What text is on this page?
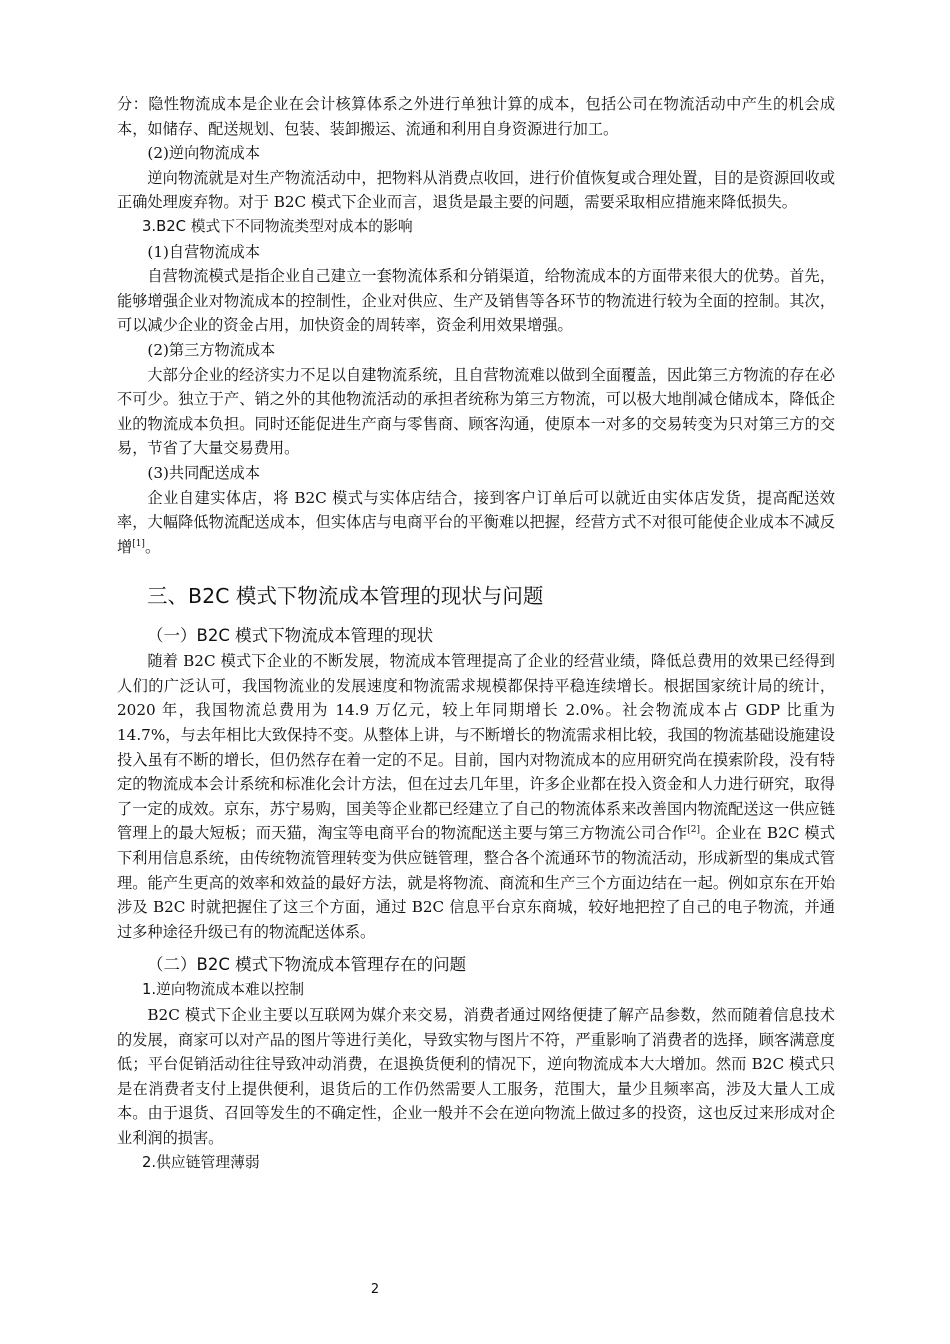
分：隐性物流成本是企业在会计核算体系之外进行单独计算的成本，包括公司在物流活动中产生的机会成本，如储存、配送规划、包装、装卸搬运、流通和利用自身资源进行加工。

(2)逆向物流成本

逆向物流就是对生产物流活动中，把物料从消费点收回，进行价值恢复或合理处置，目的是资源回收或正确处理废弃物。对于 B2C 模式下企业而言，退货是最主要的问题，需要采取相应措施来降低损失。

3.B2C 模式下不同物流类型对成本的影响

(1)自营物流成本

自营物流模式是指企业自己建立一套物流体系和分销渠道，给物流成本的方面带来很大的优势。首先，能够增强企业对物流成本的控制性，企业对供应、生产及销售等各环节的物流进行较为全面的控制。其次，可以减少企业的资金占用，加快资金的周转率，资金利用效果增强。

(2)第三方物流成本

大部分企业的经济实力不足以自建物流系统，且自营物流难以做到全面覆盖，因此第三方物流的存在必不可少。独立于产、销之外的其他物流活动的承担者统称为第三方物流，可以极大地削减仓储成本，降低企业的物流成本负担。同时还能促进生产商与零售商、顾客沟通，使原本一对多的交易转变为只对第三方的交易，节省了大量交易费用。

(3)共同配送成本

企业自建实体店，将 B2C 模式与实体店结合，接到客户订单后可以就近由实体店发货，提高配送效率，大幅降低物流配送成本，但实体店与电商平台的平衡难以把握，经营方式不对很可能使企业成本不减反增[1]。

三、B2C 模式下物流成本管理的现状与问题

（一）B2C 模式下物流成本管理的现状

随着 B2C 模式下企业的不断发展，物流成本管理提高了企业的经营业绩，降低总费用的效果已经得到人们的广泛认可，我国物流业的发展速度和物流需求规模都保持平稳连续增长。根据国家统计局的统计，2020 年，我国物流总费用为 14.9 万亿元，较上年同期增长 2.0%。社会物流成本占 GDP 比重为 14.7%，与去年相比大致保持不变。从整体上讲，与不断增长的物流需求相比较，我国的物流基础设施建设投入虽有不断的增长，但仍然存在着一定的不足。目前，国内对物流成本的应用研究尚在摸索阶段，没有特定的物流成本会计系统和标准化会计方法，但在过去几年里，许多企业都在投入资金和人力进行研究，取得了一定的成效。京东，苏宁易购，国美等企业都已经建立了自己的物流体系来改善国内物流配送这一供应链管理上的最大短板；而天猫，淘宝等电商平台的物流配送主要与第三方物流公司合作[2]。企业在 B2C 模式下利用信息系统，由传统物流管理转变为供应链管理，整合各个流通环节的物流活动，形成新型的集成式管理。能产生更高的效率和效益的最好方法，就是将物流、商流和生产三个方面边结在一起。例如京东在开始涉及 B2C 时就把握住了这三个方面，通过 B2C 信息平台京东商城，较好地把控了自己的电子物流，并通过多种途径升级已有的物流配送体系。

（二）B2C 模式下物流成本管理存在的问题

1.逆向物流成本难以控制

B2C 模式下企业主要以互联网为媒介来交易，消费者通过网络便捷了解产品参数，然而随着信息技术的发展，商家可以对产品的图片等进行美化，导致实物与图片不符，严重影响了消费者的选择，顾客满意度低；平台促销活动往往导致冲动消费，在退换货便利的情况下，逆向物流成本大大增加。然而 B2C 模式只是在消费者支付上提供便利，退货后的工作仍然需要人工服务，范围大，量少且频率高，涉及大量人工成本。由于退货、召回等发生的不确定性，企业一般并不会在逆向物流上做过多的投资，这也反过来形成对企业利润的损害。

2.供应链管理薄弱

2
